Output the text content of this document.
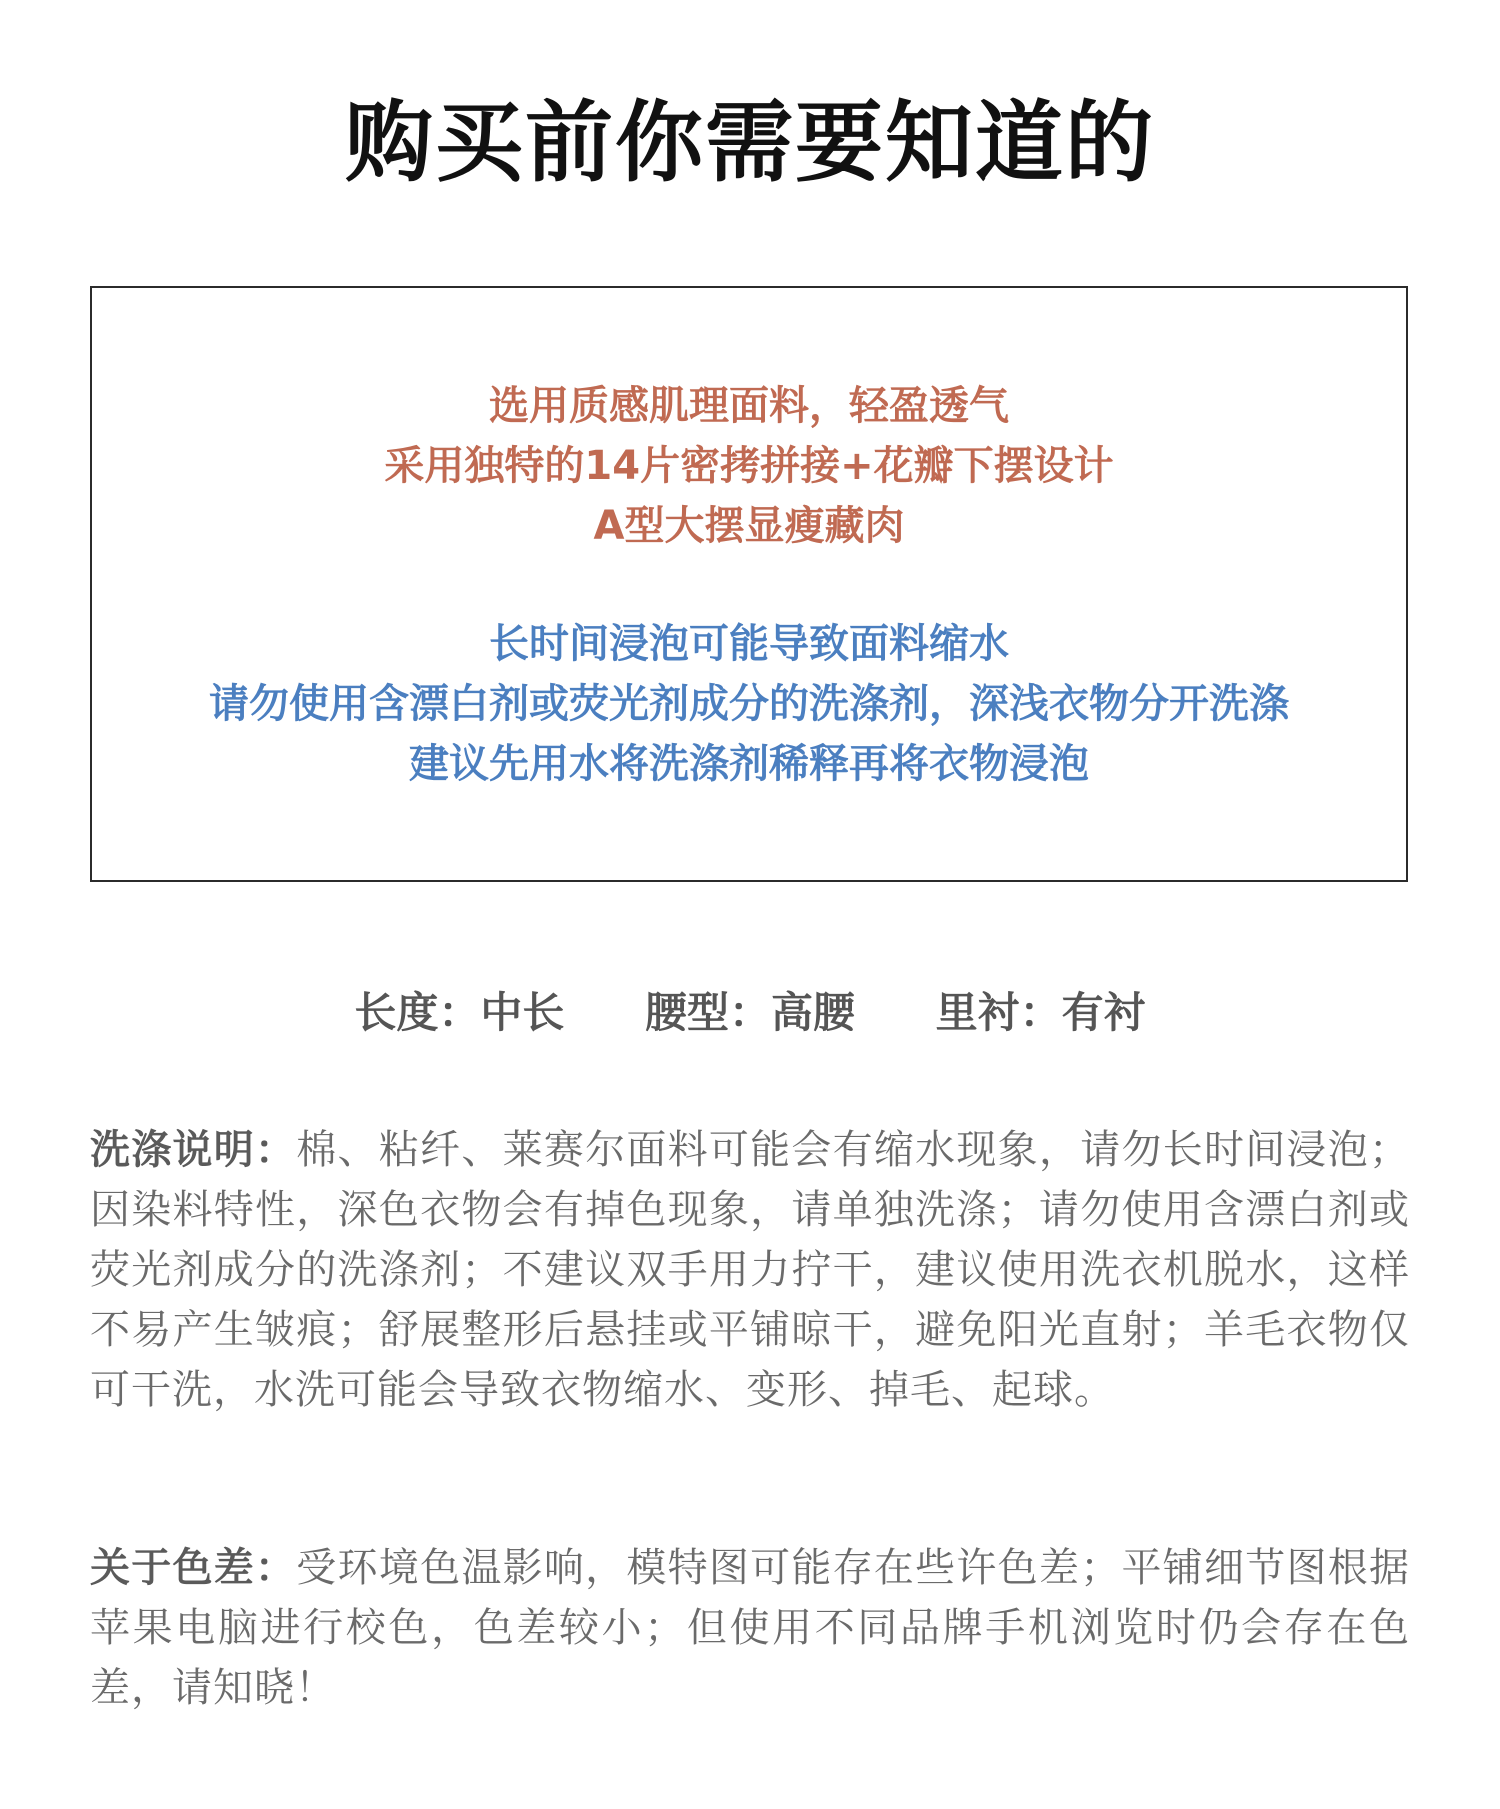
购买前你需要知道的
选用质感肌理面料，轻盈透气
采用独特的14片密拷拼接+花瓣下摆设计
A型大摆显瘦藏肉
长时间浸泡可能导致面料缩水
请勿使用含漂白剂或荧光剂成分的洗涤剂，深浅衣物分开洗涤
建议先用水将洗涤剂稀释再将衣物浸泡
长度：中长 腰型：高腰 里衬：有衬
洗涤说明：棉、粘纤、莱赛尔面料可能会有缩水现象，请勿长时间浸泡；因染料特性，深色衣物会有掉色现象，请单独洗涤；请勿使用含漂白剂或荧光剂成分的洗涤剂；不建议双手用力拧干，建议使用洗衣机脱水，这样不易产生皱痕；舒展整形后悬挂或平铺晾干，避免阳光直射；羊毛衣物仅可干洗，水洗可能会导致衣物缩水、变形、掉毛、起球。
关于色差：受环境色温影响，模特图可能存在些许色差；平铺细节图根据苹果电脑进行校色，色差较小；但使用不同品牌手机浏览时仍会存在色差，请知晓！
